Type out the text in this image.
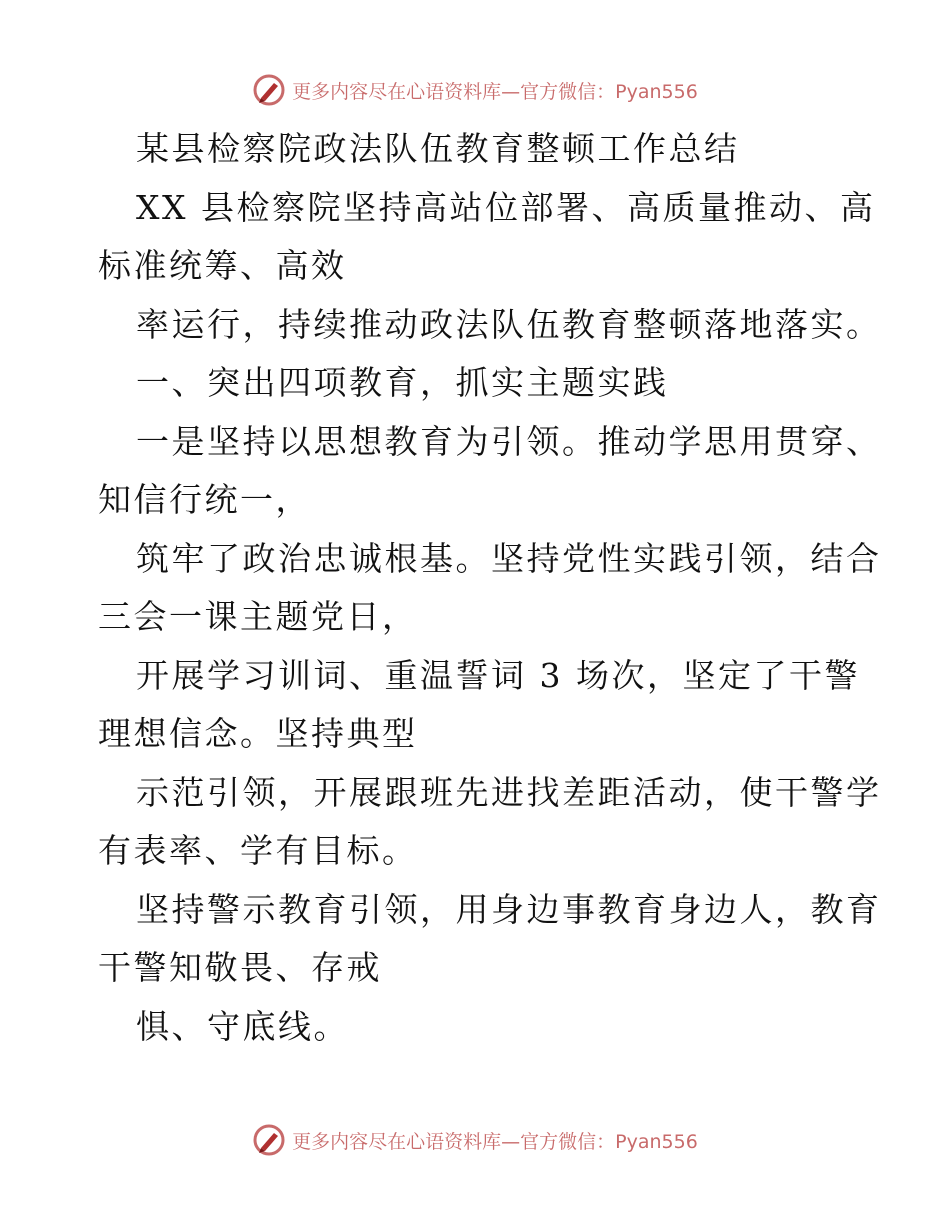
更多内容尽在心语资料库—官方微信：Pyan556
某县检察院政法队伍教育整顿工作总结
XX 县检察院坚持高站位部署、高质量推动、高
标准统筹、高效
率运行，持续推动政法队伍教育整顿落地落实。
一、突出四项教育，抓实主题实践
一是坚持以思想教育为引领。推动学思用贯穿、
知信行统一，
筑牢了政治忠诚根基。坚持党性实践引领，结合
三会一课主题党日，
开展学习训词、重温誓词 3 场次，坚定了干警
理想信念。坚持典型
示范引领，开展跟班先进找差距活动，使干警学
有表率、学有目标。
坚持警示教育引领，用身边事教育身边人，教育
干警知敬畏、存戒
惧、守底线。
更多内容尽在心语资料库—官方微信：Pyan556
